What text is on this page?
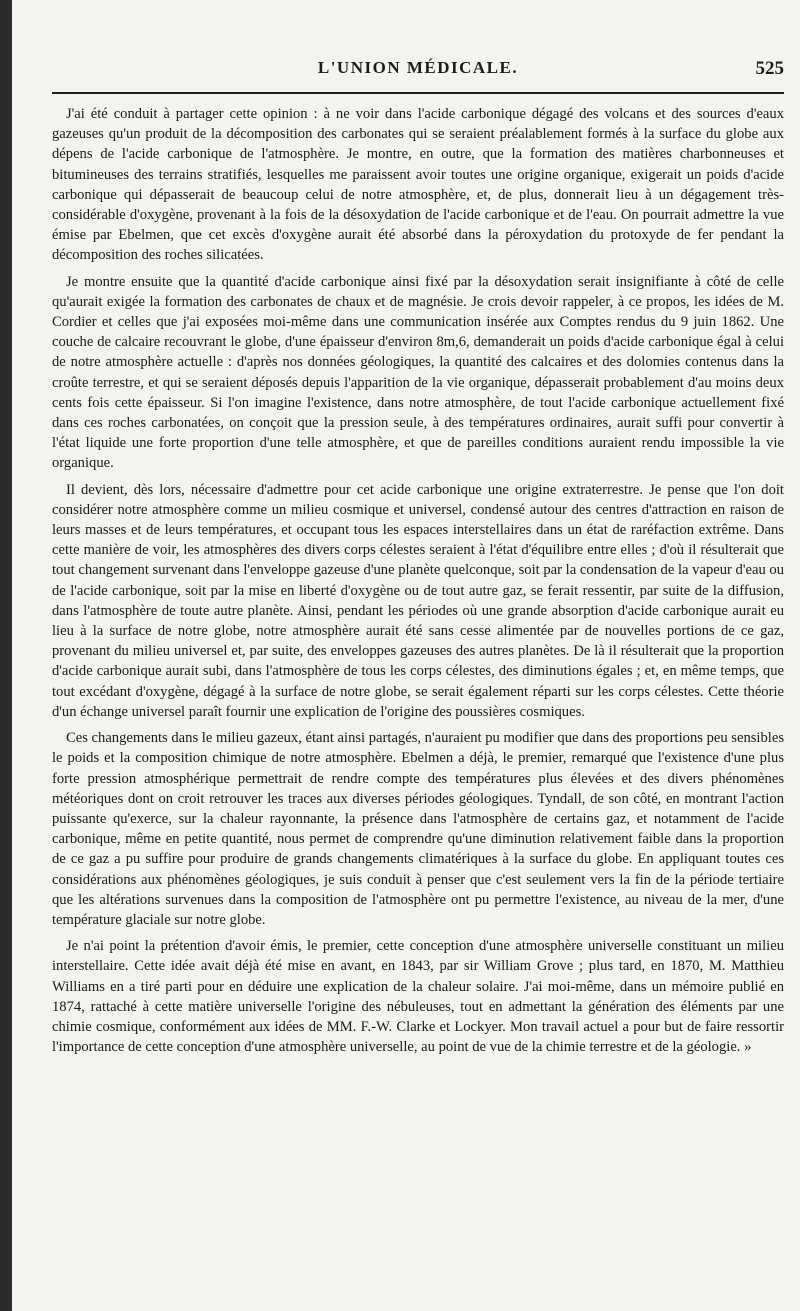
L'UNION MÉDICALE.	525

J'ai été conduit à partager cette opinion : à ne voir dans l'acide carbonique dégagé des volcans et des sources d'eaux gazeuses qu'un produit de la décomposition des carbonates qui se seraient préalablement formés à la surface du globe aux dépens de l'acide carbonique de l'atmosphère. Je montre, en outre, que la formation des matières charbonneuses et bitumineuses des terrains stratifiés, lesquelles me paraissent avoir toutes une origine organique, exigerait un poids d'acide carbonique qui dépasserait de beaucoup celui de notre atmosphère, et, de plus, donnerait lieu à un dégagement très-considérable d'oxygène, provenant à la fois de la désoxydation de l'acide carbonique et de l'eau. On pourrait admettre la vue émise par Ebelmen, que cet excès d'oxygène aurait été absorbé dans la péroxydation du protoxyde de fer pendant la décomposition des roches silicatées.

Je montre ensuite que la quantité d'acide carbonique ainsi fixé par la désoxydation serait insignifiante à côté de celle qu'aurait exigée la formation des carbonates de chaux et de magnésie. Je crois devoir rappeler, à ce propos, les idées de M. Cordier et celles que j'ai exposées moi-même dans une communication insérée aux Comptes rendus du 9 juin 1862. Une couche de calcaire recouvrant le globe, d'une épaisseur d'environ 8m,6, demanderait un poids d'acide carbonique égal à celui de notre atmosphère actuelle : d'après nos données géologiques, la quantité des calcaires et des dolomies contenus dans la croûte terrestre, et qui se seraient déposés depuis l'apparition de la vie organique, dépasserait probablement d'au moins deux cents fois cette épaisseur. Si l'on imagine l'existence, dans notre atmosphère, de tout l'acide carbonique actuellement fixé dans ces roches carbonatées, on conçoit que la pression seule, à des températures ordinaires, aurait suffi pour convertir à l'état liquide une forte proportion d'une telle atmosphère, et que de pareilles conditions auraient rendu impossible la vie organique.

Il devient, dès lors, nécessaire d'admettre pour cet acide carbonique une origine extraterrestre. Je pense que l'on doit considérer notre atmosphère comme un milieu cosmique et universel, condensé autour des centres d'attraction en raison de leurs masses et de leurs températures, et occupant tous les espaces interstellaires dans un état de raréfaction extrême. Dans cette manière de voir, les atmosphères des divers corps célestes seraient à l'état d'équilibre entre elles ; d'où il résulterait que tout changement survenant dans l'enveloppe gazeuse d'une planète quelconque, soit par la condensation de la vapeur d'eau ou de l'acide carbonique, soit par la mise en liberté d'oxygène ou de tout autre gaz, se ferait ressentir, par suite de la diffusion, dans l'atmosphère de toute autre planète. Ainsi, pendant les périodes où une grande absorption d'acide carbonique aurait eu lieu à la surface de notre globe, notre atmosphère aurait été sans cesse alimentée par de nouvelles portions de ce gaz, provenant du milieu universel et, par suite, des enveloppes gazeuses des autres planètes. De là il résulterait que la proportion d'acide carbonique aurait subi, dans l'atmosphère de tous les corps célestes, des diminutions égales ; et, en même temps, que tout excédant d'oxygène, dégagé à la surface de notre globe, se serait également réparti sur les corps célestes. Cette théorie d'un échange universel paraît fournir une explication de l'origine des poussières cosmiques.

Ces changements dans le milieu gazeux, étant ainsi partagés, n'auraient pu modifier que dans des proportions peu sensibles le poids et la composition chimique de notre atmosphère. Ebelmen a déjà, le premier, remarqué que l'existence d'une plus forte pression atmosphérique permettrait de rendre compte des températures plus élevées et des divers phénomènes météoriques dont on croit retrouver les traces aux diverses périodes géologiques. Tyndall, de son côté, en montrant l'action puissante qu'exerce, sur la chaleur rayonnante, la présence dans l'atmosphère de certains gaz, et notamment de l'acide carbonique, même en petite quantité, nous permet de comprendre qu'une diminution relativement faible dans la proportion de ce gaz a pu suffire pour produire de grands changements climatériques à la surface du globe. En appliquant toutes ces considérations aux phénomènes géologiques, je suis conduit à penser que c'est seulement vers la fin de la période tertiaire que les altérations survenues dans la composition de l'atmosphère ont pu permettre l'existence, au niveau de la mer, d'une température glaciale sur notre globe.

Je n'ai point la prétention d'avoir émis, le premier, cette conception d'une atmosphère universelle constituant un milieu interstellaire. Cette idée avait déjà été mise en avant, en 1843, par sir William Grove ; plus tard, en 1870, M. Matthieu Williams en a tiré parti pour en déduire une explication de la chaleur solaire. J'ai moi-même, dans un mémoire publié en 1874, rattaché à cette matière universelle l'origine des nébuleuses, tout en admettant la génération des éléments par une chimie cosmique, conformément aux idées de MM. F.-W. Clarke et Lockyer. Mon travail actuel a pour but de faire ressortir l'importance de cette conception d'une atmosphère universelle, au point de vue de la chimie terrestre et de la géologie. »
